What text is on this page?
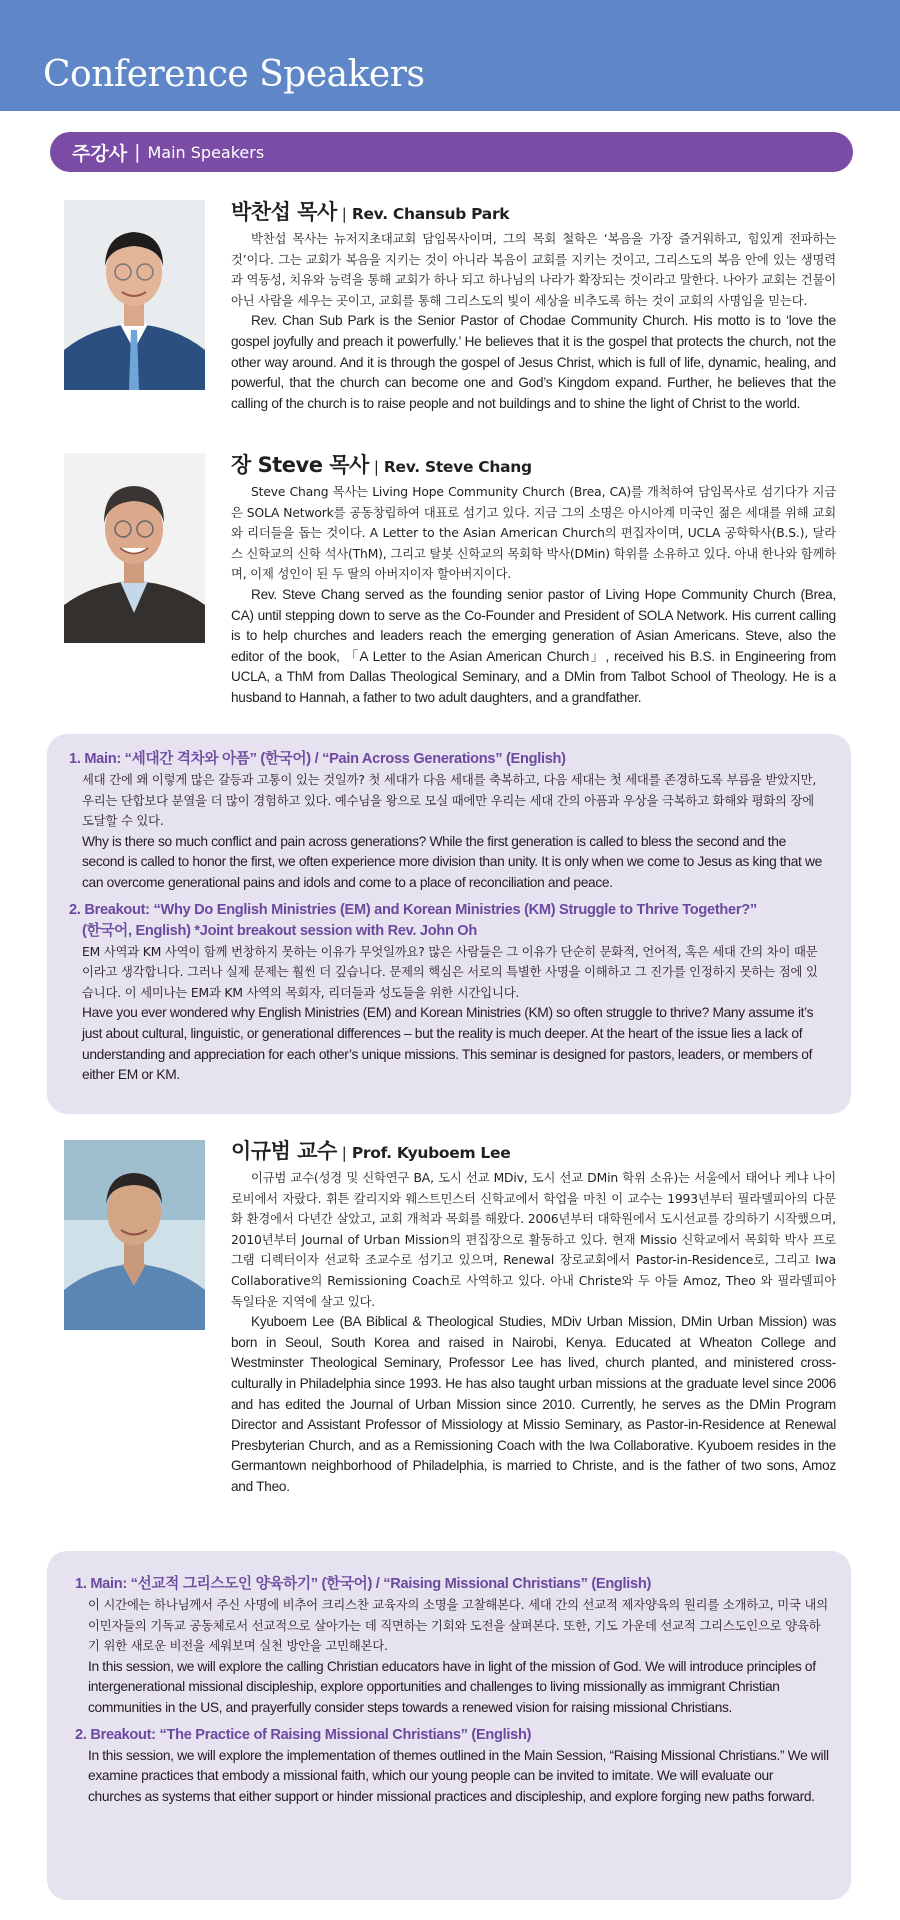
Conference Speakers
주강사 | Main Speakers
박찬섭 목사 | Rev. Chansub Park

박찬섭 목사는 뉴저지초대교회 담임목사이며, 그의 목회 철학은 ‘복음을 가장 즐거워하고, 힘있게 전파하는 것’이다. 그는 교회가 복음을 지키는 것이 아니라 복음이 교회를 지키는 것이고, 그리스도의 복음 안에 있는 생명력과 역동성, 치유와 능력을 통해 교회가 하나 되고 하나님의 나라가 확장되는 것이라고 말한다. 나아가 교회는 건물이 아닌 사람을 세우는 곳이고, 교회를 통해 그리스도의 빛이 세상을 비추도록 하는 것이 교회의 사명임을 믿는다.

Rev. Chan Sub Park is the Senior Pastor of Chodae Community Church. His motto is to ‘love the gospel joyfully and preach it powerfully.’ He believes that it is the gospel that protects the church, not the other way around. And it is through the gospel of Jesus Christ, which is full of life, dynamic, healing, and powerful, that the church can become one and God’s Kingdom expand. Further, he believes that the calling of the church is to raise people and not buildings and to shine the light of Christ to the world.

장 Steve 목사 | Rev. Steve Chang

Steve Chang 목사는 Living Hope Community Church (Brea, CA)를 개척하여 담임목사로 섬기다가 지금은 SOLA Network를 공동창립하여 대표로 섬기고 있다. 지금 그의 소명은 아시아계 미국인 젊은 세대를 위해 교회와 리더들을 돕는 것이다. A Letter to the Asian American Church의 편집자이며, UCLA 공학학사(B.S.), 달라스 신학교의 신학 석사(ThM), 그리고 탈봇 신학교의 목회학 박사(DMin) 학위를 소유하고 있다. 아내 한나와 함께하며, 이제 성인이 된 두 딸의 아버지이자 할아버지이다.

Rev. Steve Chang served as the founding senior pastor of Living Hope Community Church (Brea, CA) until stepping down to serve as the Co-Founder and President of SOLA Network. His current calling is to help churches and leaders reach the emerging generation of Asian Americans. Steve, also the editor of the book, 「A Letter to the Asian American Church」, received his B.S. in Engineering from UCLA, a ThM from Dallas Theological Seminary, and a DMin from Talbot School of Theology. He is a husband to Hannah, a father to two adult daughters, and a grandfather.

1. Main: “세대간 격차와 아픔” (한국어) / “Pain Across Generations” (English)

세대 간에 왜 이렇게 많은 갈등과 고통이 있는 것일까? 첫 세대가 다음 세대를 축복하고, 다음 세대는 첫 세대를 존경하도록 부름을 받았지만, 우리는 단합보다 분열을 더 많이 경험하고 있다. 예수님을 왕으로 모실 때에만 우리는 세대 간의 아픔과 우상을 극복하고 화해와 평화의 장에 도달할 수 있다.

Why is there so much conflict and pain across generations? While the first generation is called to bless the second and the second is called to honor the first, we often experience more division than unity. It is only when we come to Jesus as king that we can overcome generational pains and idols and come to a place of reconciliation and peace.

2. Breakout: “Why Do English Ministries (EM) and Korean Ministries (KM) Struggle to Thrive Together?”
(한국어, English) *Joint breakout session with Rev. John Oh

EM 사역과 KM 사역이 함께 번창하지 못하는 이유가 무엇일까요? 많은 사람들은 그 이유가 단순히 문화적, 언어적, 혹은 세대 간의 차이 때문이라고 생각합니다. 그러나 실제 문제는 훨씬 더 깊습니다. 문제의 핵심은 서로의 특별한 사명을 이해하고 그 진가를 인정하지 못하는 점에 있습니다. 이 세미나는 EM과 KM 사역의 목회자, 리더들과 성도들을 위한 시간입니다.

Have you ever wondered why English Ministries (EM) and Korean Ministries (KM) so often struggle to thrive? Many assume it’s just about cultural, linguistic, or generational differences – but the reality is much deeper. At the heart of the issue lies a lack of understanding and appreciation for each other’s unique missions. This seminar is designed for pastors, leaders, or members of either EM or KM.

이규범 교수 | Prof. Kyuboem Lee

이규범 교수(성경 및 신학연구 BA, 도시 선교 MDiv, 도시 선교 DMin 학위 소유)는 서울에서 태어나 케냐 나이로비에서 자랐다. 휘튼 칼리지와 웨스트민스터 신학교에서 학업을 마친 이 교수는 1993년부터 필라델피아의 다문화 환경에서 다년간 살았고, 교회 개척과 목회를 해왔다. 2006년부터 대학원에서 도시선교를 강의하기 시작했으며, 2010년부터 Journal of Urban Mission의 편집장으로 활동하고 있다. 현재 Missio 신학교에서 목회학 박사 프로그램 디렉터이자 선교학 조교수로 섬기고 있으며, Renewal 장로교회에서 Pastor-in-Residence로, 그리고 Iwa Collaborative의 Remissioning Coach로 사역하고 있다. 아내 Christe와 두 아들 Amoz, Theo 와 필라델피아 독일타운 지역에 살고 있다.

Kyuboem Lee (BA Biblical & Theological Studies, MDiv Urban Mission, DMin Urban Mission) was born in Seoul, South Korea and raised in Nairobi, Kenya. Educated at Wheaton College and Westminster Theological Seminary, Professor Lee has lived, church planted, and ministered cross-culturally in Philadelphia since 1993. He has also taught urban missions at the graduate level since 2006 and has edited the Journal of Urban Mission since 2010. Currently, he serves as the DMin Program Director and Assistant Professor of Missiology at Missio Seminary, as Pastor-in-Residence at Renewal Presbyterian Church, and as a Remissioning Coach with the Iwa Collaborative. Kyuboem resides in the Germantown neighborhood of Philadelphia, is married to Christe, and is the father of two sons, Amoz and Theo.

1. Main: “선교적 그리스도인 양육하기” (한국어) / “Raising Missional Christians” (English)

이 시간에는 하나님께서 주신 사명에 비추어 크리스찬 교육자의 소명을 고찰해본다. 세대 간의 선교적 제자양육의 원리를 소개하고, 미국 내의 이민자들의 기독교 공동체로서 선교적으로 살아가는 데 직면하는 기회와 도전을 살펴본다. 또한, 기도 가운데 선교적 그리스도인으로 양육하기 위한 새로운 비전을 세워보며 실천 방안을 고민해본다.

In this session, we will explore the calling Christian educators have in light of the mission of God. We will introduce principles of intergenerational missional discipleship, explore opportunities and challenges to living missionally as immigrant Christian communities in the US, and prayerfully consider steps towards a renewed vision for raising missional Christians.

2. Breakout: “The Practice of Raising Missional Christians” (English)

In this session, we will explore the implementation of themes outlined in the Main Session, “Raising Missional Christians.” We will examine practices that embody a missional faith, which our young people can be invited to imitate. We will evaluate our churches as systems that either support or hinder missional practices and discipleship, and explore forging new paths forward.
